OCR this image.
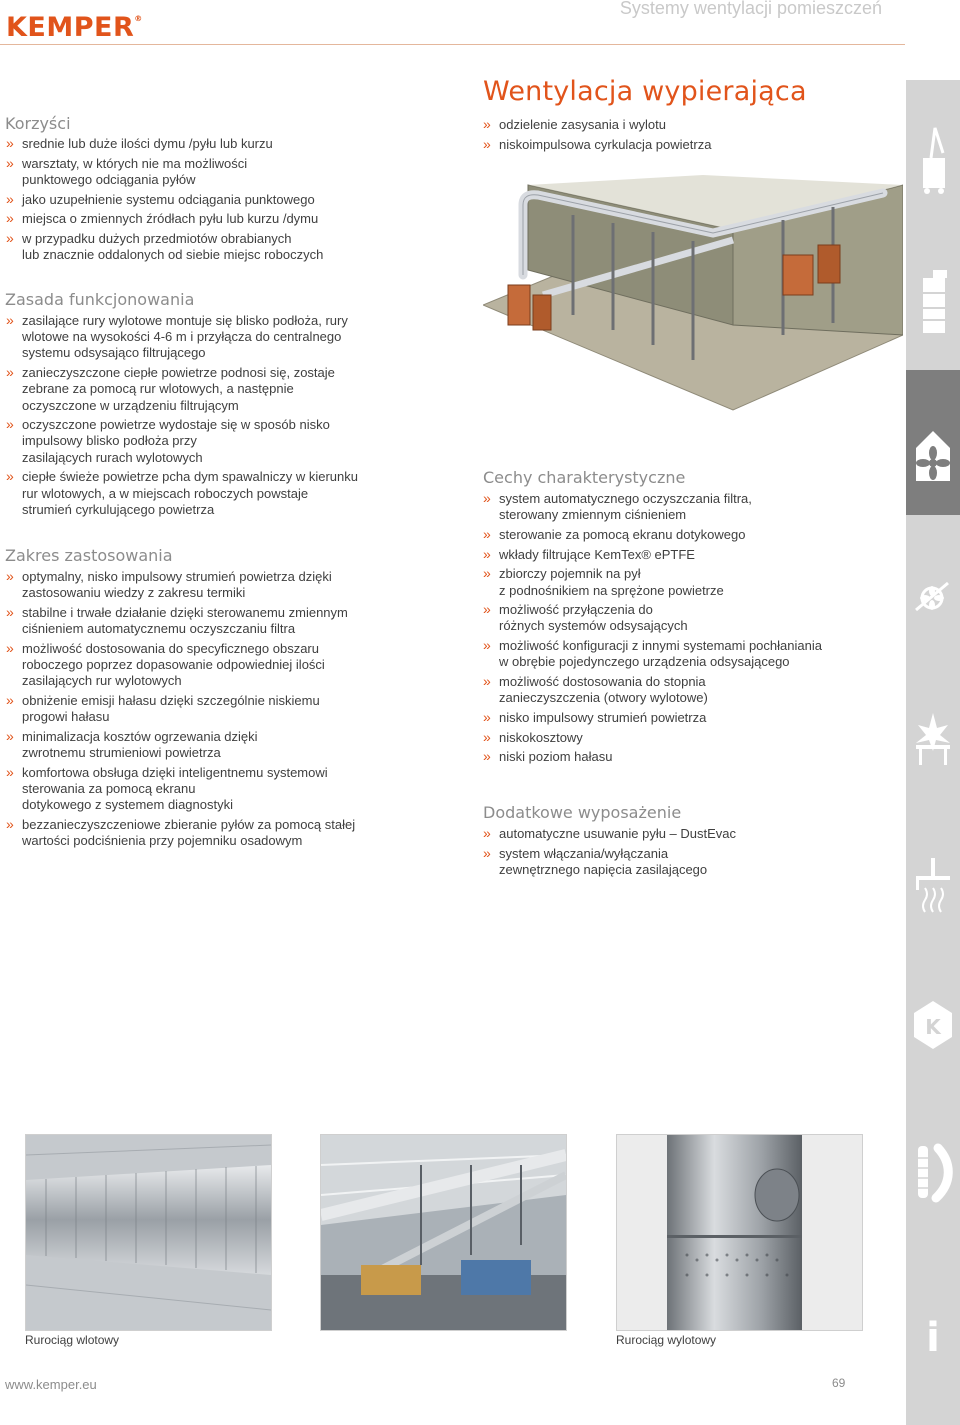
KEMPER®
Systemy wentylacji pomieszczeń
Korzyści
» srednie lub duże ilości dymu /pyłu lub kurzu
» warsztaty, w których nie ma możliwości
punktowego odciągania pyłów
» jako uzupełnienie systemu odciągania punktowego
» miejsca o zmiennych źródłach pyłu lub kurzu /dymu
» w przypadku dużych przedmiotów obrabianych
lub znacznie oddalonych od siebie miejsc roboczych
Zasada funkcjonowania
» zasilające rury wylotowe montuje się blisko podłoża, rury
wlotowe na wysokości 4-6 m i przyłącza do centralnego
systemu odsysająco filtrującego
» zanieczyszczone ciepłe powietrze podnosi się, zostaje
zebrane za pomocą rur wlotowych, a następnie
oczyszczone w urządzeniu filtrującym
» oczyszczone powietrze wydostaje się w sposób nisko
impulsowy blisko podłoża przy
zasilających rurach wylotowych
» ciepłe świeże powietrze pcha dym spawalniczy w kierunku
rur wlotowych, a w miejscach roboczych powstaje
strumień cyrkulującego powietrza
Zakres zastosowania
» optymalny, nisko impulsowy strumień powietrza dzięki
zastosowaniu wiedzy z zakresu termiki
» stabilne i trwałe działanie dzięki sterowanemu zmiennym
ciśnieniem automatycznemu oczyszczaniu filtra
» możliwość dostosowania do specyficznego obszaru
roboczego poprzez dopasowanie odpowiedniej ilości
zasilających rur wylotowych
» obniżenie emisji hałasu dzięki szczególnie niskiemu
progowi hałasu
» minimalizacja kosztów ogrzewania dzięki
zwrotnemu strumieniowi powietrza
» komfortowa obsługa dzięki inteligentnemu systemowi
sterowania za pomocą ekranu
dotykowego z systemem diagnostyki
» bezzanieczyszczeniowe zbieranie pyłów za pomocą stałej
wartości podciśnienia przy pojemniku osadowym
Wentylacja wypierająca
» odzielenie zasysania i wylotu
» niskoimpulsowa cyrkulacja powietrza
Cechy charakterystyczne
» system automatycznego oczyszczania filtra,
sterowany zmiennym ciśnieniem
» sterowanie za pomocą ekranu dotykowego
» wkłady filtrujące KemTex® ePTFE
» zbiorczy pojemnik na pył
z podnośnikiem na sprężone powietrze
» możliwość przyłączenia do
różnych systemów odsysających
» możliwość konfiguracji z innymi systemami pochłaniania
w obrębie pojedynczego urządzenia odsysającego
» możliwość dostosowania do stopnia
zanieczyszczenia (otwory wylotowe)
» nisko impulsowy strumień powietrza
» niskokosztowy
» niski poziom hałasu
Dodatkowe wyposażenie
» automatyczne usuwanie pyłu – DustEvac
» system włączania/wyłączania
zewnętrznego napięcia zasilającego
Rurociąg wlotowy	Rurociąg wylotowy
www.kemper.eu	69
K
i
